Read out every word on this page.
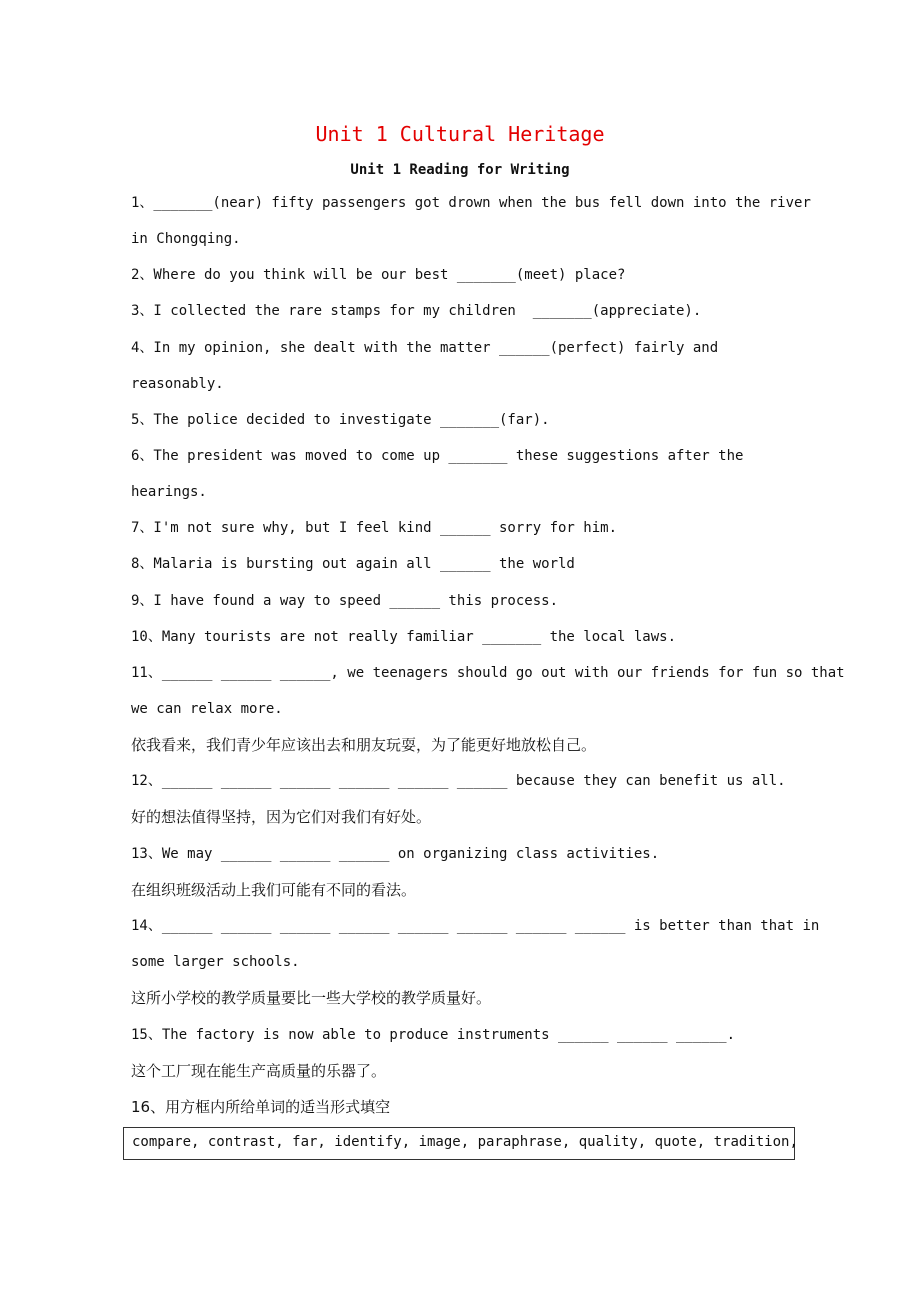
Unit 1 Cultural Heritage
Unit 1 Reading for Writing
1、_______(near) fifty passengers got drown when the bus fell down into the river
in Chongqing.
2、Where do you think will be our best _______(meet) place?
3、I collected the rare stamps for my children  _______(appreciate).
4、In my opinion, she dealt with the matter ______(perfect) fairly and
reasonably.
5、The police decided to investigate _______(far).
6、The president was moved to come up _______ these suggestions after the
hearings.
7、I'm not sure why, but I feel kind ______ sorry for him.
8、Malaria is bursting out again all ______ the world
9、I have found a way to speed ______ this process.
10、Many tourists are not really familiar _______ the local laws.
11、______ ______ ______, we teenagers should go out with our friends for fun so that
we can relax more.
依我看来，我们青少年应该出去和朋友玩耍，为了能更好地放松自己。
12、______ ______ ______ ______ ______ ______ because they can benefit us all.
好的想法值得坚持，因为它们对我们有好处。
13、We may ______ ______ ______ on organizing class activities.
在组织班级活动上我们可能有不同的看法。
14、______ ______ ______ ______ ______ ______ ______ ______ is better than that in
some larger schools.
这所小学校的教学质量要比一些大学校的教学质量好。
15、The factory is now able to produce instruments ______ ______ ______.
这个工厂现在能生产高质量的乐器了。
16、用方框内所给单词的适当形式填空
compare, contrast, far, identify, image, paraphrase, quality, quote, tradition,
